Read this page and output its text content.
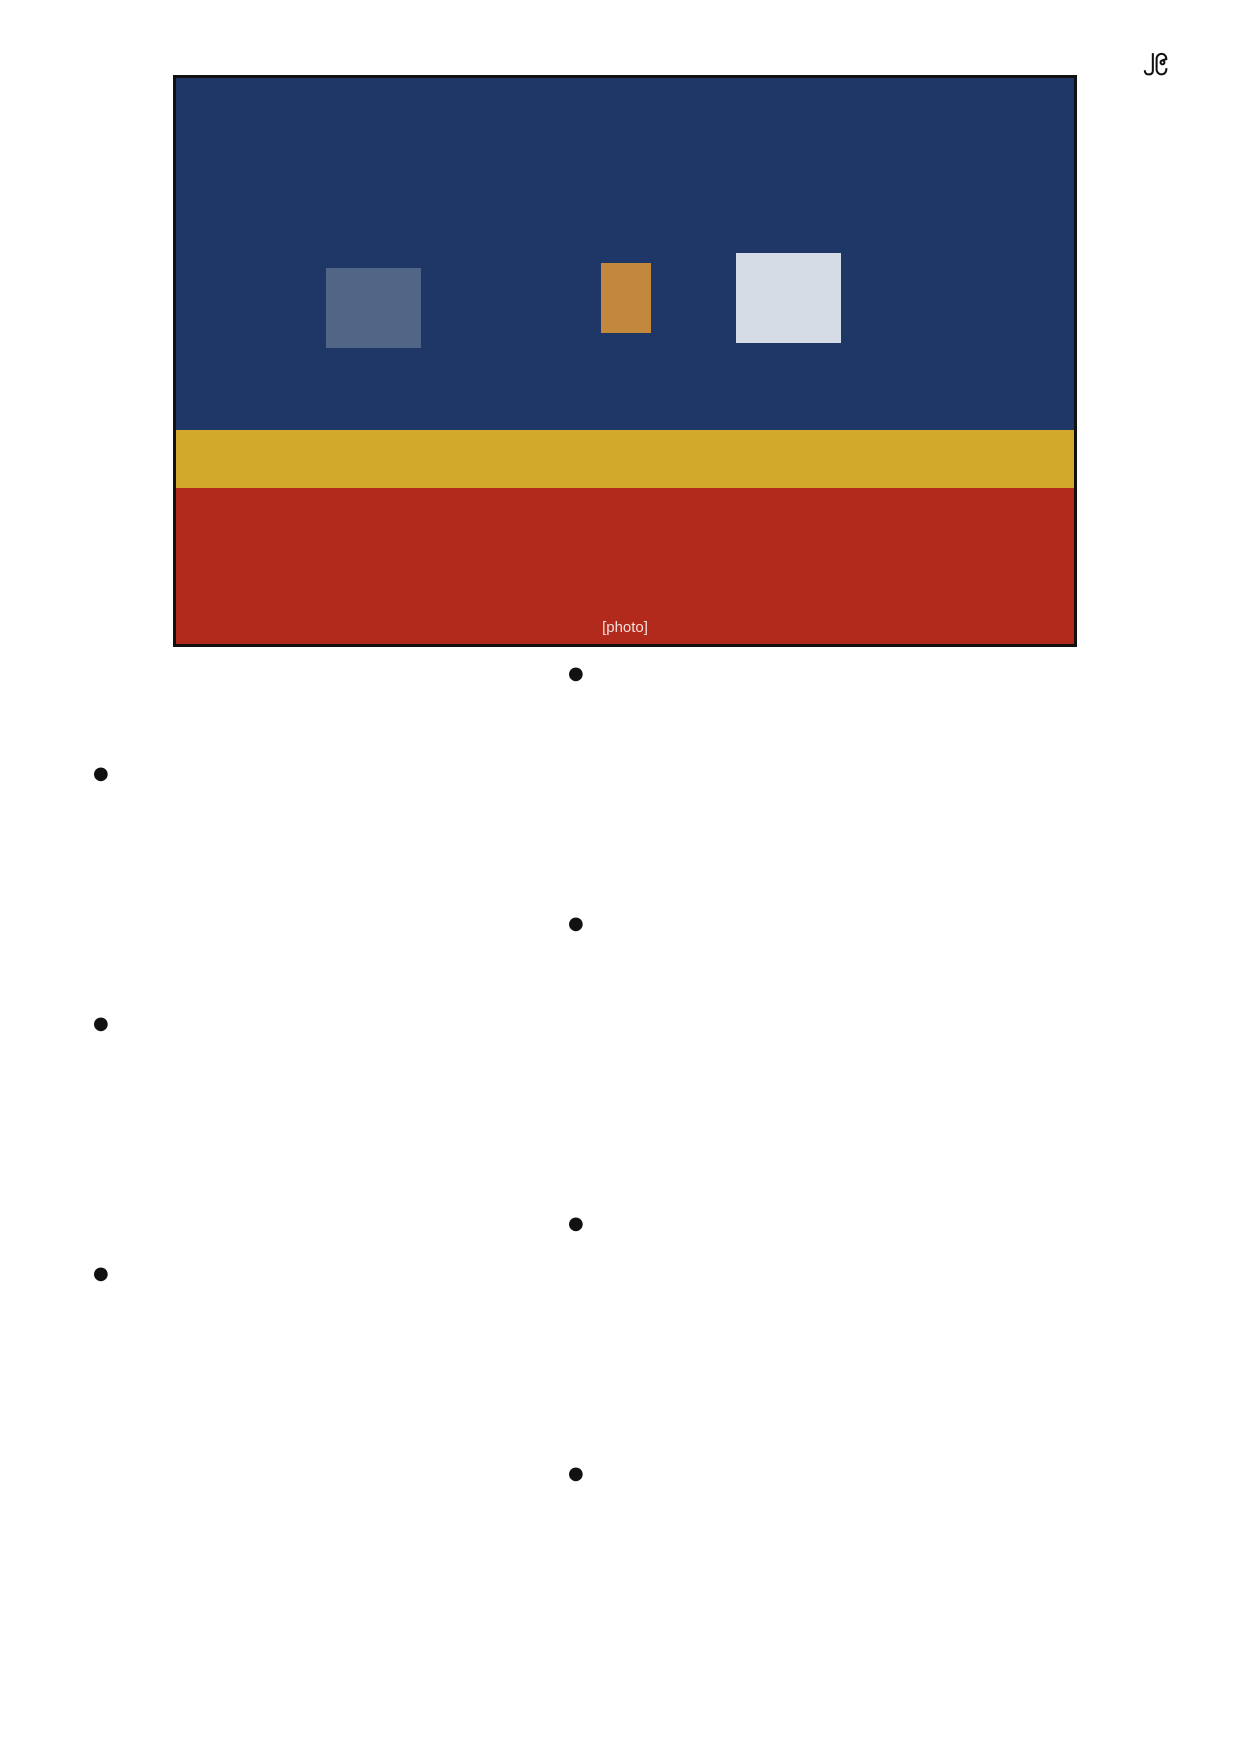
၂၉
[photo]
●
●
●
●
●
●
●
